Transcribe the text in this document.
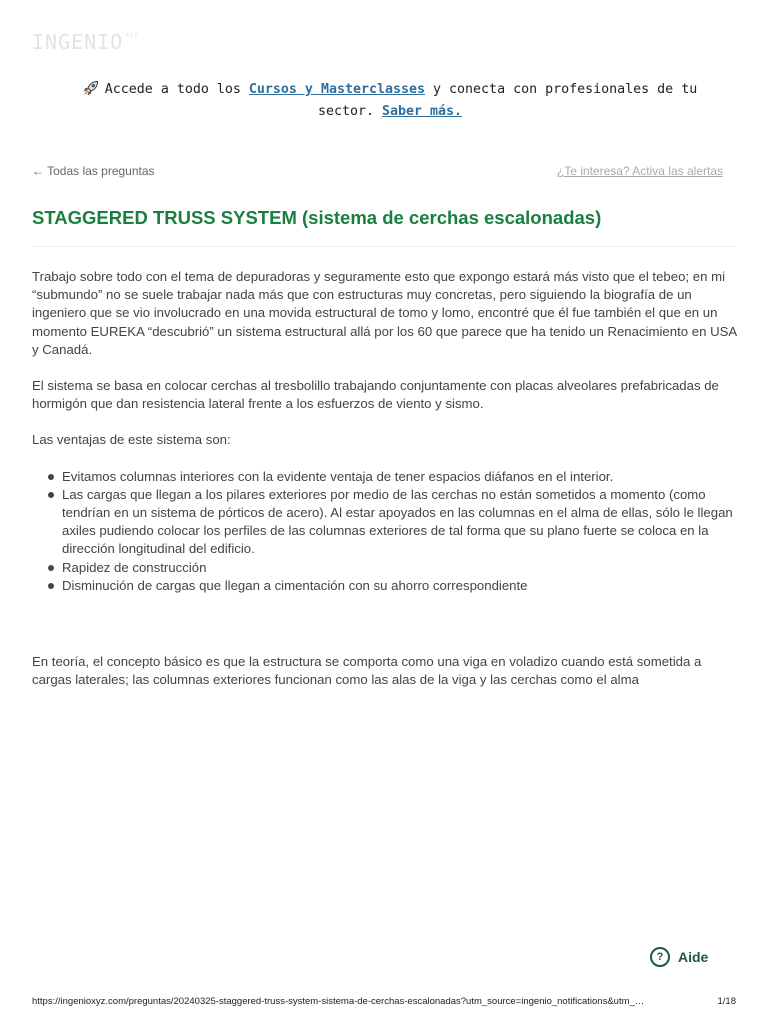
INGENIO $^{xyz}$
Accede a todo los Cursos y Masterclasses y conecta con profesionales de tu sector. Saber más.
← Todas las preguntas	¿Te interesa? Activa las alertas
STAGGERED TRUSS SYSTEM (sistema de cerchas escalonadas)

Trabajo sobre todo con el tema de depuradoras y seguramente esto que expongo estará más visto que el tebeo; en mi “submundo” no se suele trabajar nada más que con estructuras muy concretas, pero siguiendo la biografía de un ingeniero que se vio involucrado en una movida estructural de tomo y lomo, encontré que él fue también el que en un momento EUREKA “descubrió” un sistema estructural allá por los 60 que parece que ha tenido un Renacimiento en USA y Canadá.

El sistema se basa en colocar cerchas al tresbolillo trabajando conjuntamente con placas alveolares prefabricadas de hormigón que dan resistencia lateral frente a los esfuerzos de viento y sismo.

Las ventajas de este sistema son:

Evitamos columnas interiores con la evidente ventaja de tener espacios diáfanos en el interior.
Las cargas que llegan a los pilares exteriores por medio de las cerchas no están sometidos a momento (como tendrían en un sistema de pórticos de acero). Al estar apoyados en las columnas en el alma de ellas, sólo le llegan axiles pudiendo colocar los perfiles de las columnas exteriores de tal forma que su plano fuerte se coloca en la dirección longitudinal del edificio.
Rapidez de construcción
Disminución de cargas que llegan a cimentación con su ahorro correspondiente

En teoría, el concepto básico es que la estructura se comporta como una viga en voladizo cuando está sometida a cargas laterales; las columnas exteriores funcionan como las alas de la viga y las cerchas como el alma

?	Aide
https://ingenioxyz.com/preguntas/20240325-staggered-truss-system-sistema-de-cerchas-escalonadas?utm_source=ingenio_notifications&utm_…	1/18
